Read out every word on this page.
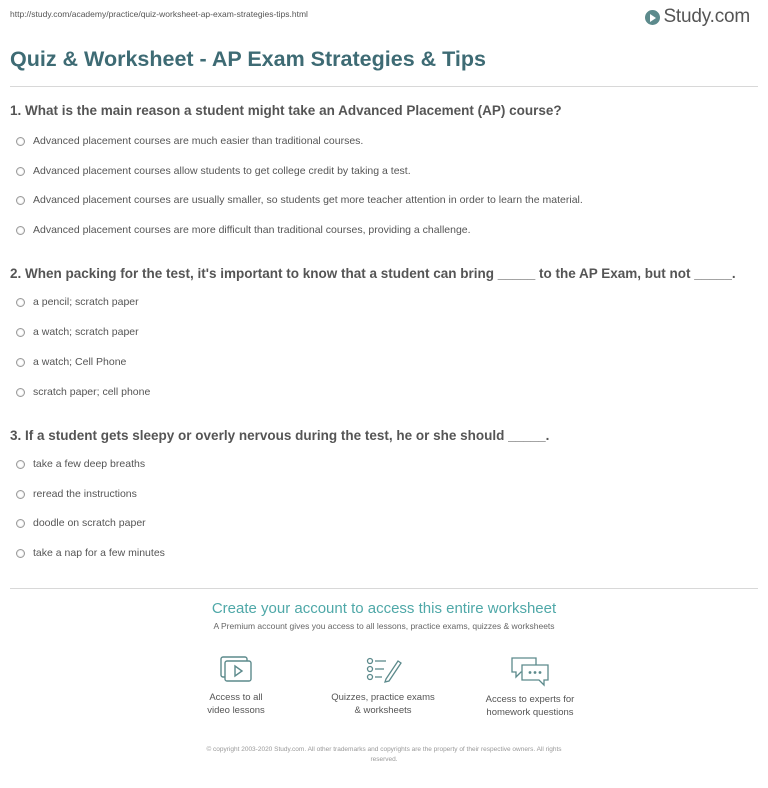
http://study.com/academy/practice/quiz-worksheet-ap-exam-strategies-tips.html	Study.com
Quiz & Worksheet - AP Exam Strategies & Tips

1. What is the main reason a student might take an Advanced Placement (AP) course?

Advanced placement courses are much easier than traditional courses.
Advanced placement courses allow students to get college credit by taking a test.
Advanced placement courses are usually smaller, so students get more teacher attention in order to learn the material.
Advanced placement courses are more difficult than traditional courses, providing a challenge.

2. When packing for the test, it's important to know that a student can bring _____ to the AP Exam, but not _____.

a pencil; scratch paper
a watch; scratch paper
a watch; Cell Phone
scratch paper; cell phone

3. If a student gets sleepy or overly nervous during the test, he or she should _____.

take a few deep breaths
reread the instructions
doodle on scratch paper
take a nap for a few minutes

Create your account to access this entire worksheet

A Premium account gives you access to all lessons, practice exams, quizzes & worksheets
Access to all
video lessons
Quizzes, practice exams
& worksheets
Access to experts for
homework questions
© copyright 2003-2020 Study.com. All other trademarks and copyrights are the property of their respective owners. All rights
reserved.
